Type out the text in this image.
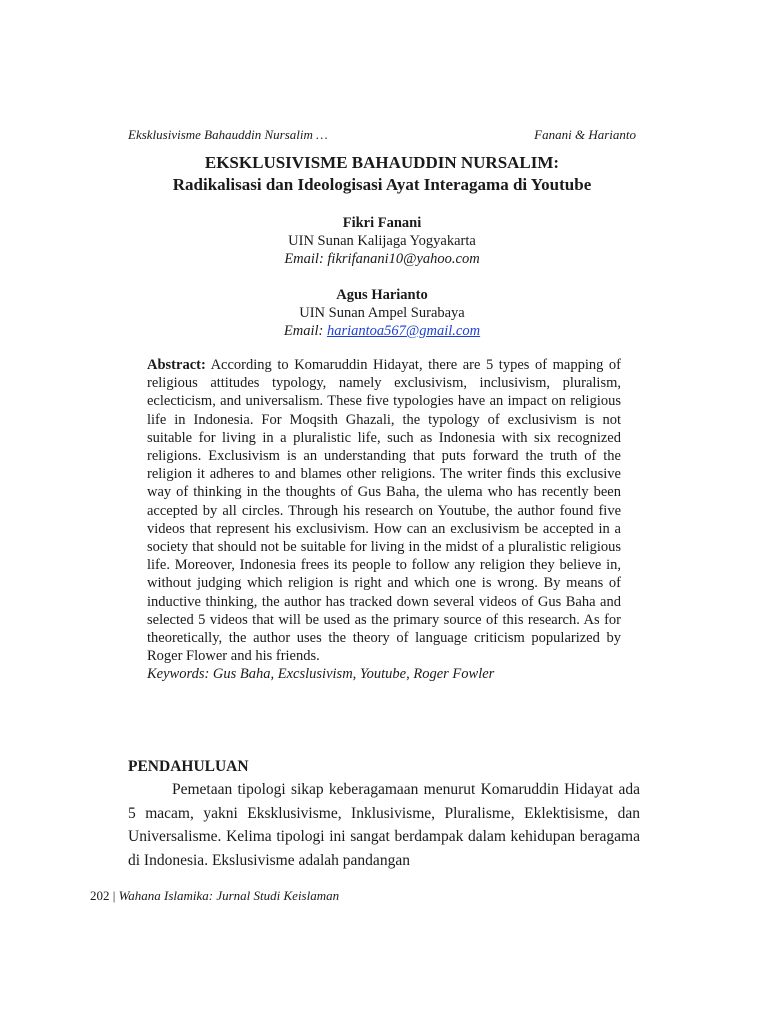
Eksklusivisme Bahauddin Nursalim …	Fanani & Harianto

EKSKLUSIVISME BAHAUDDIN NURSALIM:

Radikalisasi dan Ideologisasi Ayat Interagama di Youtube

Fikri Fanani
UIN Sunan Kalijaga Yogyakarta
Email: fikrifanani10@yahoo.com
Agus Harianto
UIN Sunan Ampel Surabaya
Email: hariantoa567@gmail.com
Abstract: According to Komaruddin Hidayat, there are 5 types of mapping of religious attitudes typology, namely exclusivism, inclusivism, pluralism, eclecticism, and universalism. These five typologies have an impact on religious life in Indonesia. For Moqsith Ghazali, the typology of exclusivism is not suitable for living in a pluralistic life, such as Indonesia with six recognized religions. Exclusivism is an understanding that puts forward the truth of the religion it adheres to and blames other religions. The writer finds this exclusive way of thinking in the thoughts of Gus Baha, the ulema who has recently been accepted by all circles. Through his research on Youtube, the author found five videos that represent his exclusivism. How can an exclusivism be accepted in a society that should not be suitable for living in the midst of a pluralistic religious life. Moreover, Indonesia frees its people to follow any religion they believe in, without judging which religion is right and which one is wrong. By means of inductive thinking, the author has tracked down several videos of Gus Baha and selected 5 videos that will be used as the primary source of this research. As for theoretically, the author uses the theory of language criticism popularized by Roger Flower and his friends.
Keywords: Gus Baha, Excslusivism, Youtube, Roger Fowler

PENDAHULUAN

Pemetaan tipologi sikap keberagamaan menurut Komaruddin Hidayat ada 5 macam, yakni Eksklusivisme, Inklusivisme, Pluralisme, Eklektisisme, dan Universalisme. Kelima tipologi ini sangat berdampak dalam kehidupan beragama di Indonesia. Ekslusivisme adalah pandangan

202 | Wahana Islamika: Jurnal Studi Keislaman
